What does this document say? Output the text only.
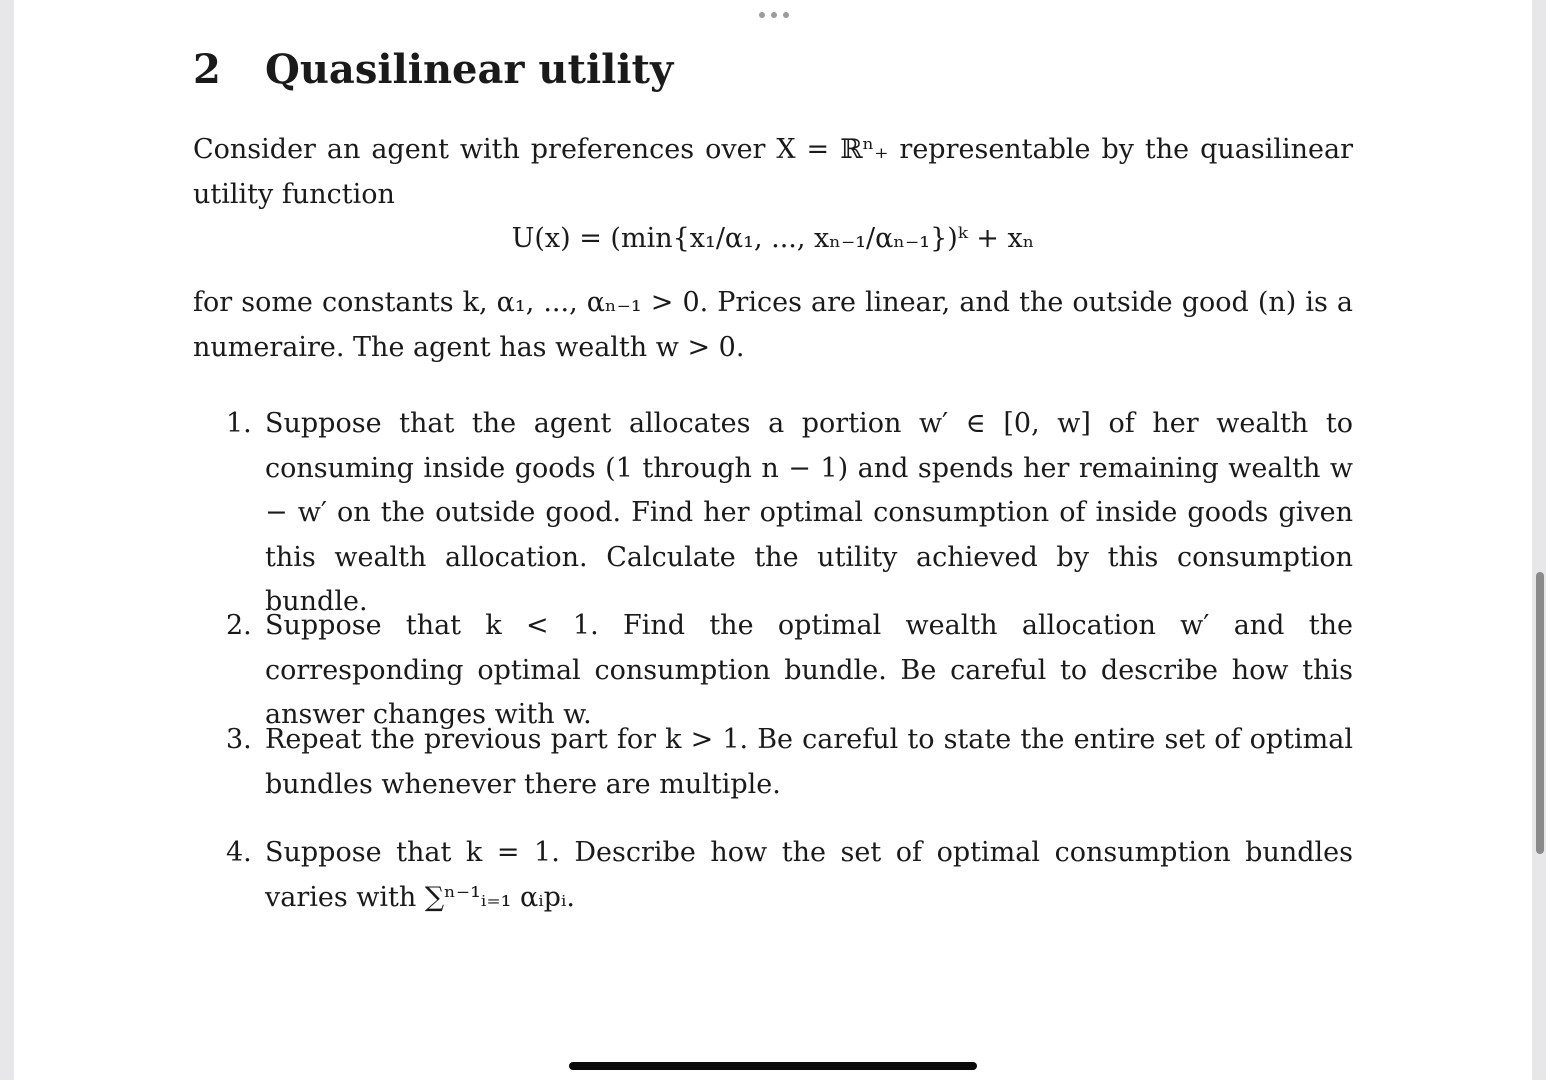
2 Quasilinear utility

Consider an agent with preferences over X = ℝⁿ₊ representable by the quasilinear utility function

U(x) = (min{x₁/α₁, ..., xₙ₋₁/αₙ₋₁})ᵏ + xₙ

for some constants k, α₁, ..., αₙ₋₁ > 0. Prices are linear, and the outside good (n) is a numeraire. The agent has wealth w > 0.

1. Suppose that the agent allocates a portion w′ ∈ [0, w] of her wealth to consuming inside goods (1 through n − 1) and spends her remaining wealth w − w′ on the outside good. Find her optimal consumption of inside goods given this wealth allocation. Calculate the utility achieved by this consumption bundle.
2. Suppose that k < 1. Find the optimal wealth allocation w′ and the corresponding optimal consumption bundle. Be careful to describe how this answer changes with w.
3. Repeat the previous part for k > 1. Be careful to state the entire set of optimal bundles whenever there are multiple.
4. Suppose that k = 1. Describe how the set of optimal consumption bundles varies with ∑ⁿ⁻¹ᵢ₌₁ αᵢpᵢ.
